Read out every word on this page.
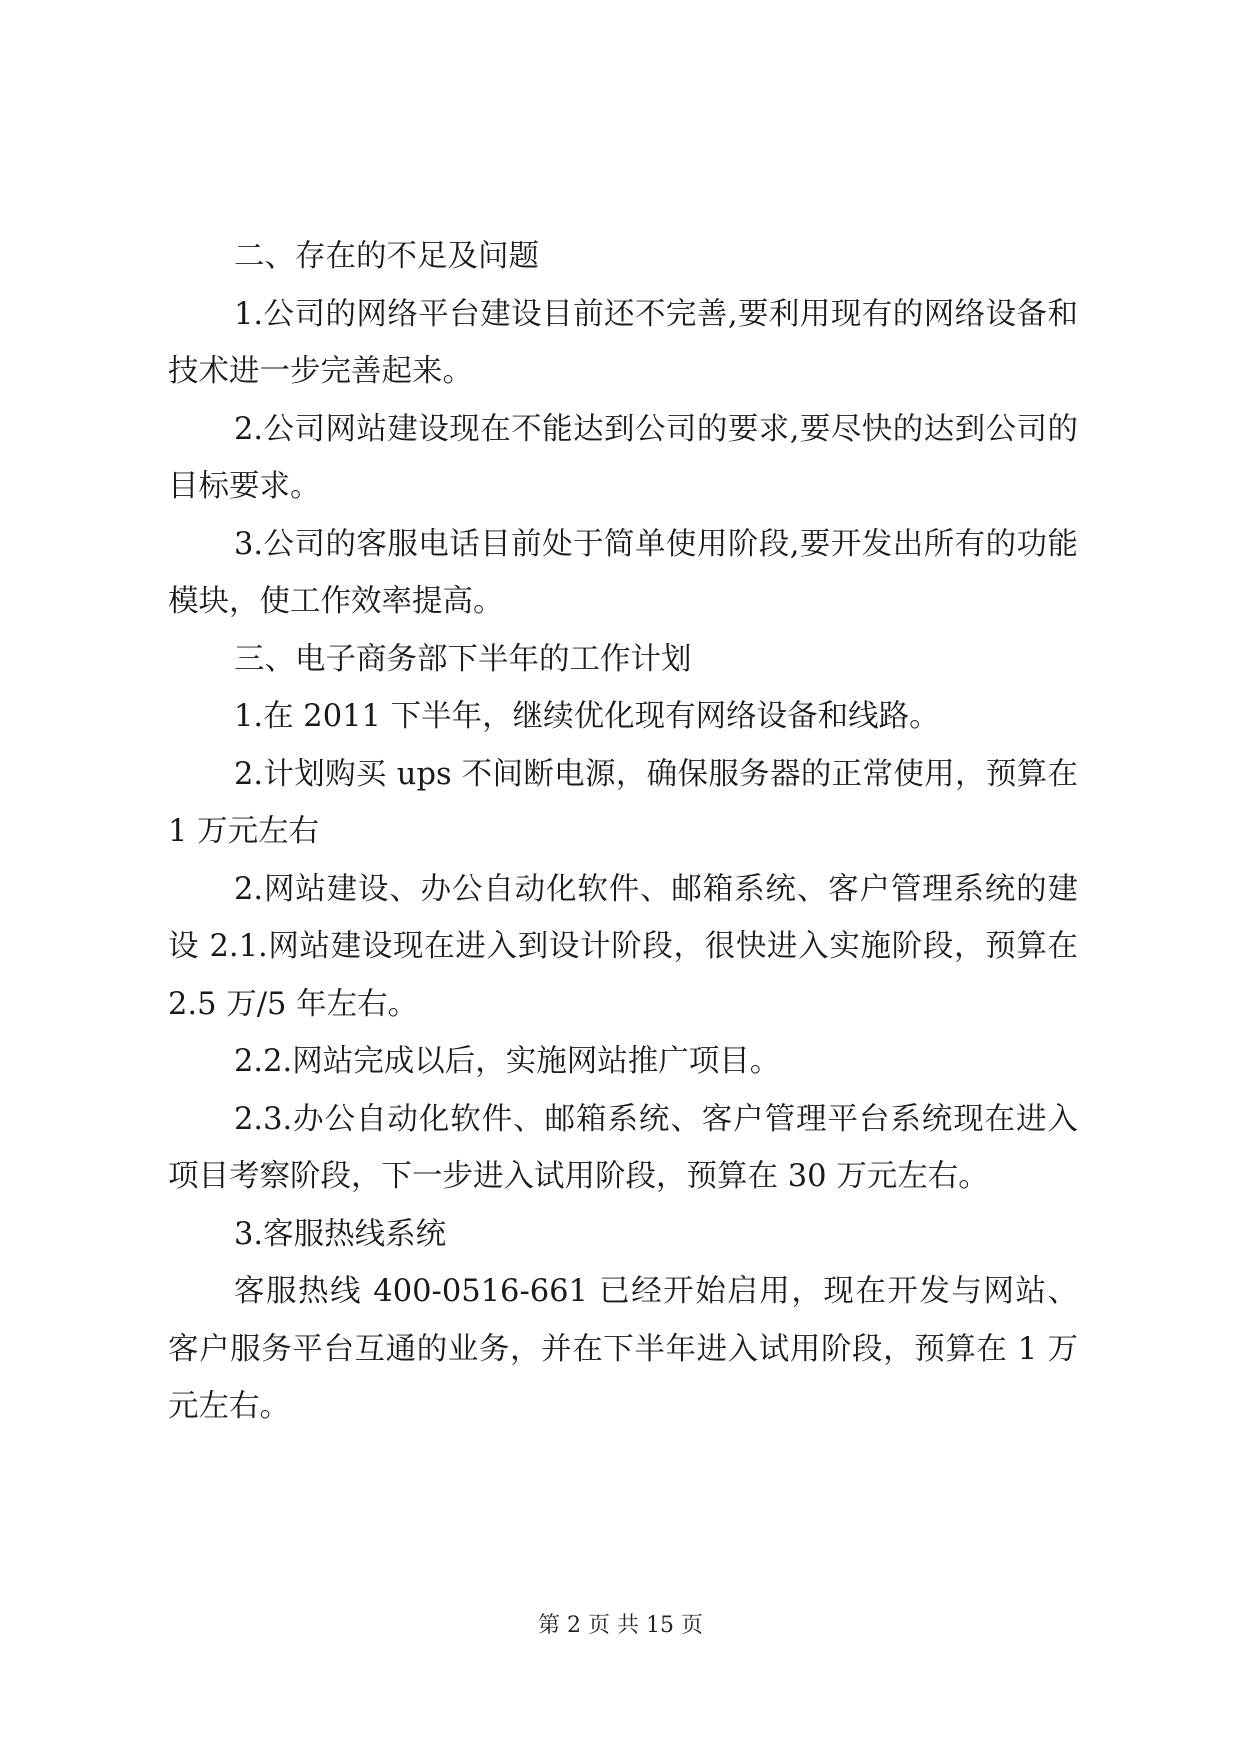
二、存在的不足及问题

1.公司的网络平台建设目前还不完善,要利用现有的网络设备和技术进一步完善起来。

2.公司网站建设现在不能达到公司的要求,要尽快的达到公司的目标要求。

3.公司的客服电话目前处于简单使用阶段,要开发出所有的功能模块，使工作效率提高。

三、电子商务部下半年的工作计划

1.在 2011 下半年，继续优化现有网络设备和线路。

2.计划购买 ups 不间断电源，确保服务器的正常使用，预算在 1 万元左右

2.网站建设、办公自动化软件、邮箱系统、客户管理系统的建设 2.1.网站建设现在进入到设计阶段，很快进入实施阶段，预算在 2.5 万/5 年左右。

2.2.网站完成以后，实施网站推广项目。

2.3.办公自动化软件、邮箱系统、客户管理平台系统现在进入项目考察阶段，下一步进入试用阶段，预算在 30 万元左右。

3.客服热线系统

客服热线 400-0516-661 已经开始启用，现在开发与网站、客户服务平台互通的业务，并在下半年进入试用阶段，预算在 1 万元左右。

第 2 页 共 15 页
